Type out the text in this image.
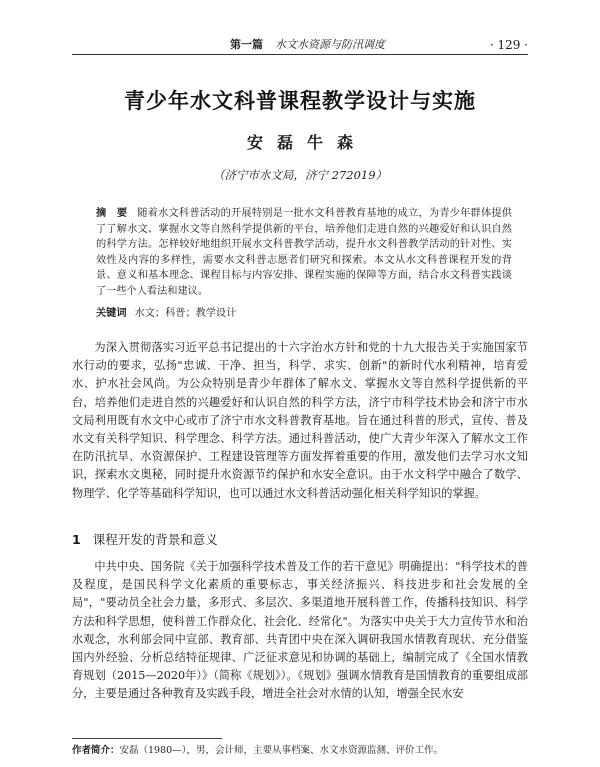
第一篇 水文水资源与防汛调度	· 129 ·
青少年水文科普课程教学设计与实施
安磊牛森
（济宁市水文局，济宁 272019）
摘　要 随着水文科普活动的开展特别是一批水文科普教育基地的成立，为青少年群体提供了了解水文、掌握水文等自然科学提供新的平台，培养他们走进自然的兴趣爱好和认识自然的科学方法。怎样较好地组织开展水文科普教学活动，提升水文科普教学活动的针对性、实效性及内容的多样性，需要水文科普志愿者们研究和探索。本文从水文科普课程开发的背景、意义和基本理念、课程目标与内容安排、课程实施的保障等方面，结合水文科普实践谈了一些个人看法和建议。
关键词 水文；科普；教学设计

为深入贯彻落实习近平总书记提出的十六字治水方针和党的十九大报告关于实施国家节水行动的要求，弘扬"忠诚、干净、担当，科学、求实、创新"的新时代水利精神，培育爱水、护水社会风尚。为公众特别是青少年群体了解水文、掌握水文等自然科学提供新的平台，培养他们走进自然的兴趣爱好和认识自然的科学方法，济宁市科学技术协会和济宁市水文局利用既有水文中心或市了济宁市水文科普教育基地。旨在通过科普的形式，宣传、普及水文有关科学知识、科学理念、科学方法。通过科普活动，使广大青少年深入了解水文工作在防汛抗旱、水资源保护、工程建设管理等方面发挥着重要的作用，激发他们去学习水文知识，探索水文奥秘，同时提升水资源节约保护和水安全意识。由于水文科学中融合了数学、物理学、化学等基础科学知识，也可以通过水文科普活动强化相关科学知识的掌握。

1 课程开发的背景和意义

中共中央、国务院《关于加强科学技术普及工作的若干意见》明确提出："科学技术的普及程度，是国民科学文化素质的重要标志，事关经济振兴、科技进步和社会发展的全局"，"要动员全社会力量，多形式、多层次、多渠道地开展科普工作，传播科技知识、科学方法和科学思想，使科普工作群众化、社会化、经常化"。为落实中央关于大力宣传节水和治水观念，水利部会同中宣部、教育部、共青团中央在深入调研我国水情教育现状、充分借鉴国内外经验、分析总结特征规律、广泛征求意见和协调的基础上，编制完成了《全国水情教育规划（2015—2020年）》（简称《规划》）。《规划》强调水情教育是国情教育的重要组成部分，主要是通过各种教育及实践手段，增进全社会对水情的认知，增强全民水安

作者简介：安磊（1980—），男，会计师，主要从事档案、水文水资源监测、评价工作。
